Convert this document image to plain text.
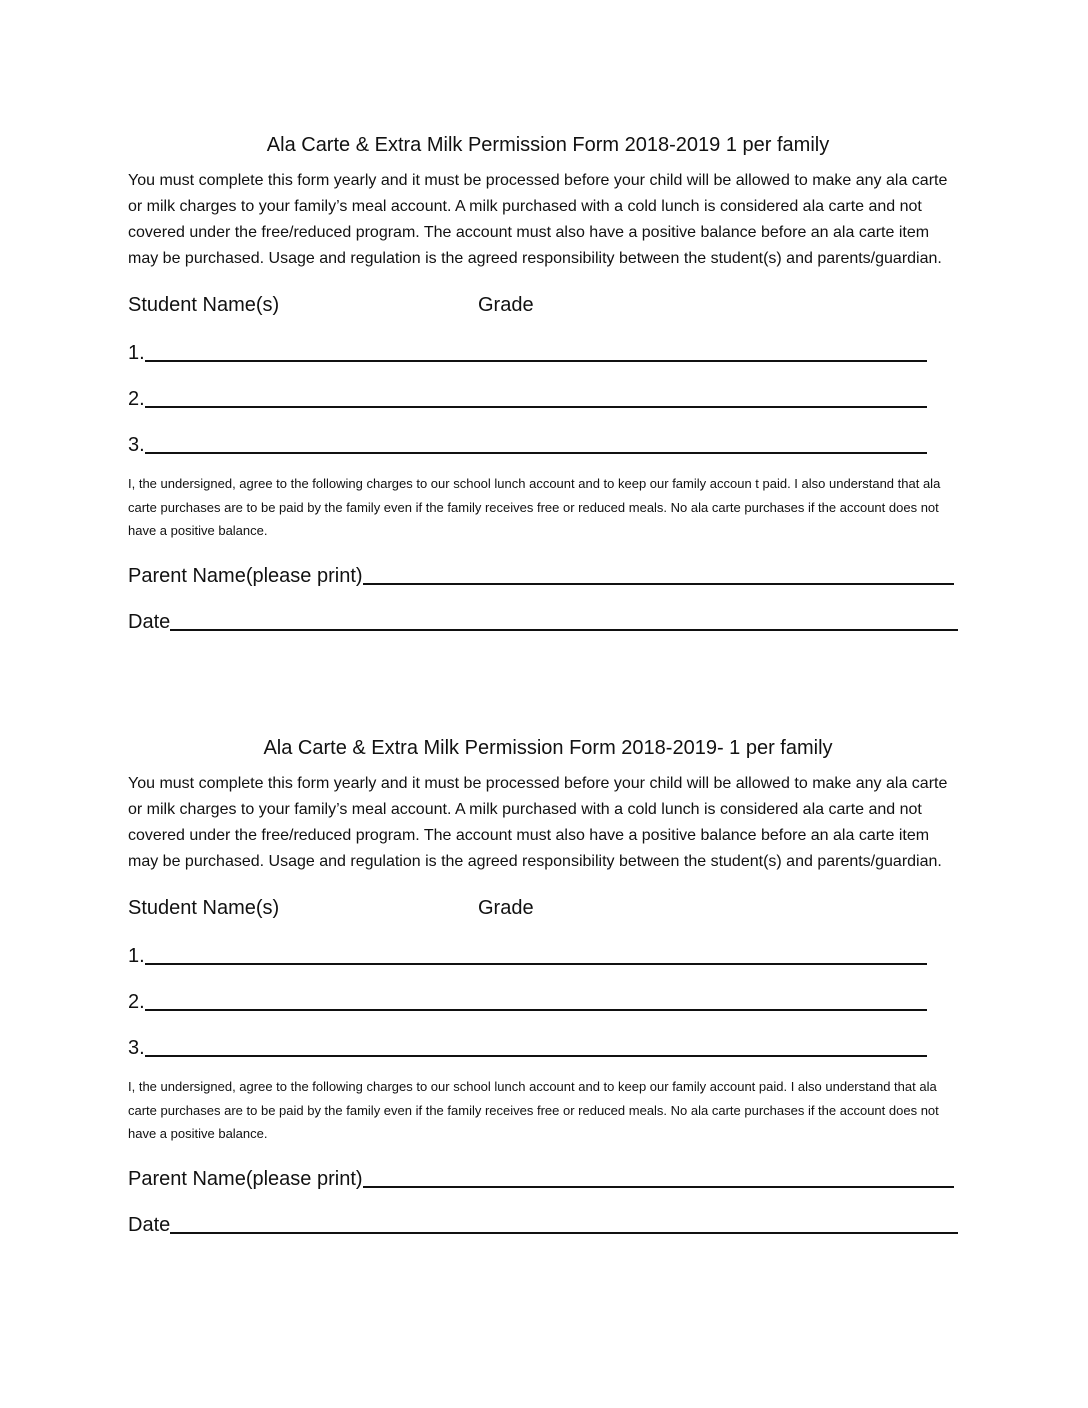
Ala Carte & Extra Milk Permission Form 2018-2019 1 per family

You must complete this form yearly and it must be processed before your child will be allowed to make any ala carte or milk charges to your family’s meal account. A milk purchased with a cold lunch is considered ala carte and not covered under the free/reduced program. The account must also have a positive balance before an ala carte item may be purchased. Usage and regulation is the agreed responsibility between the student(s) and parents/guardian.

Student Name(s)	Grade
1.
2.
3.

I, the undersigned, agree to the following charges to our school lunch account and to keep our family accoun t paid. I also understand that ala carte purchases are to be paid by the family even if the family receives free or reduced meals. No ala carte purchases if the account does not have a positive balance.

Parent Name(please print)
Date
Ala Carte & Extra Milk Permission Form 2018-2019- 1 per family

You must complete this form yearly and it must be processed before your child will be allowed to make any ala carte or milk charges to your family’s meal account. A milk purchased with a cold lunch is considered ala carte and not covered under the free/reduced program. The account must also have a positive balance before an ala carte item may be purchased. Usage and regulation is the agreed responsibility between the student(s) and parents/guardian.

Student Name(s)	Grade
1.
2.
3.

I, the undersigned, agree to the following charges to our school lunch account and to keep our family account paid. I also understand that ala carte purchases are to be paid by the family even if the family receives free or reduced meals. No ala carte purchases if the account does not have a positive balance.

Parent Name(please print)
Date
